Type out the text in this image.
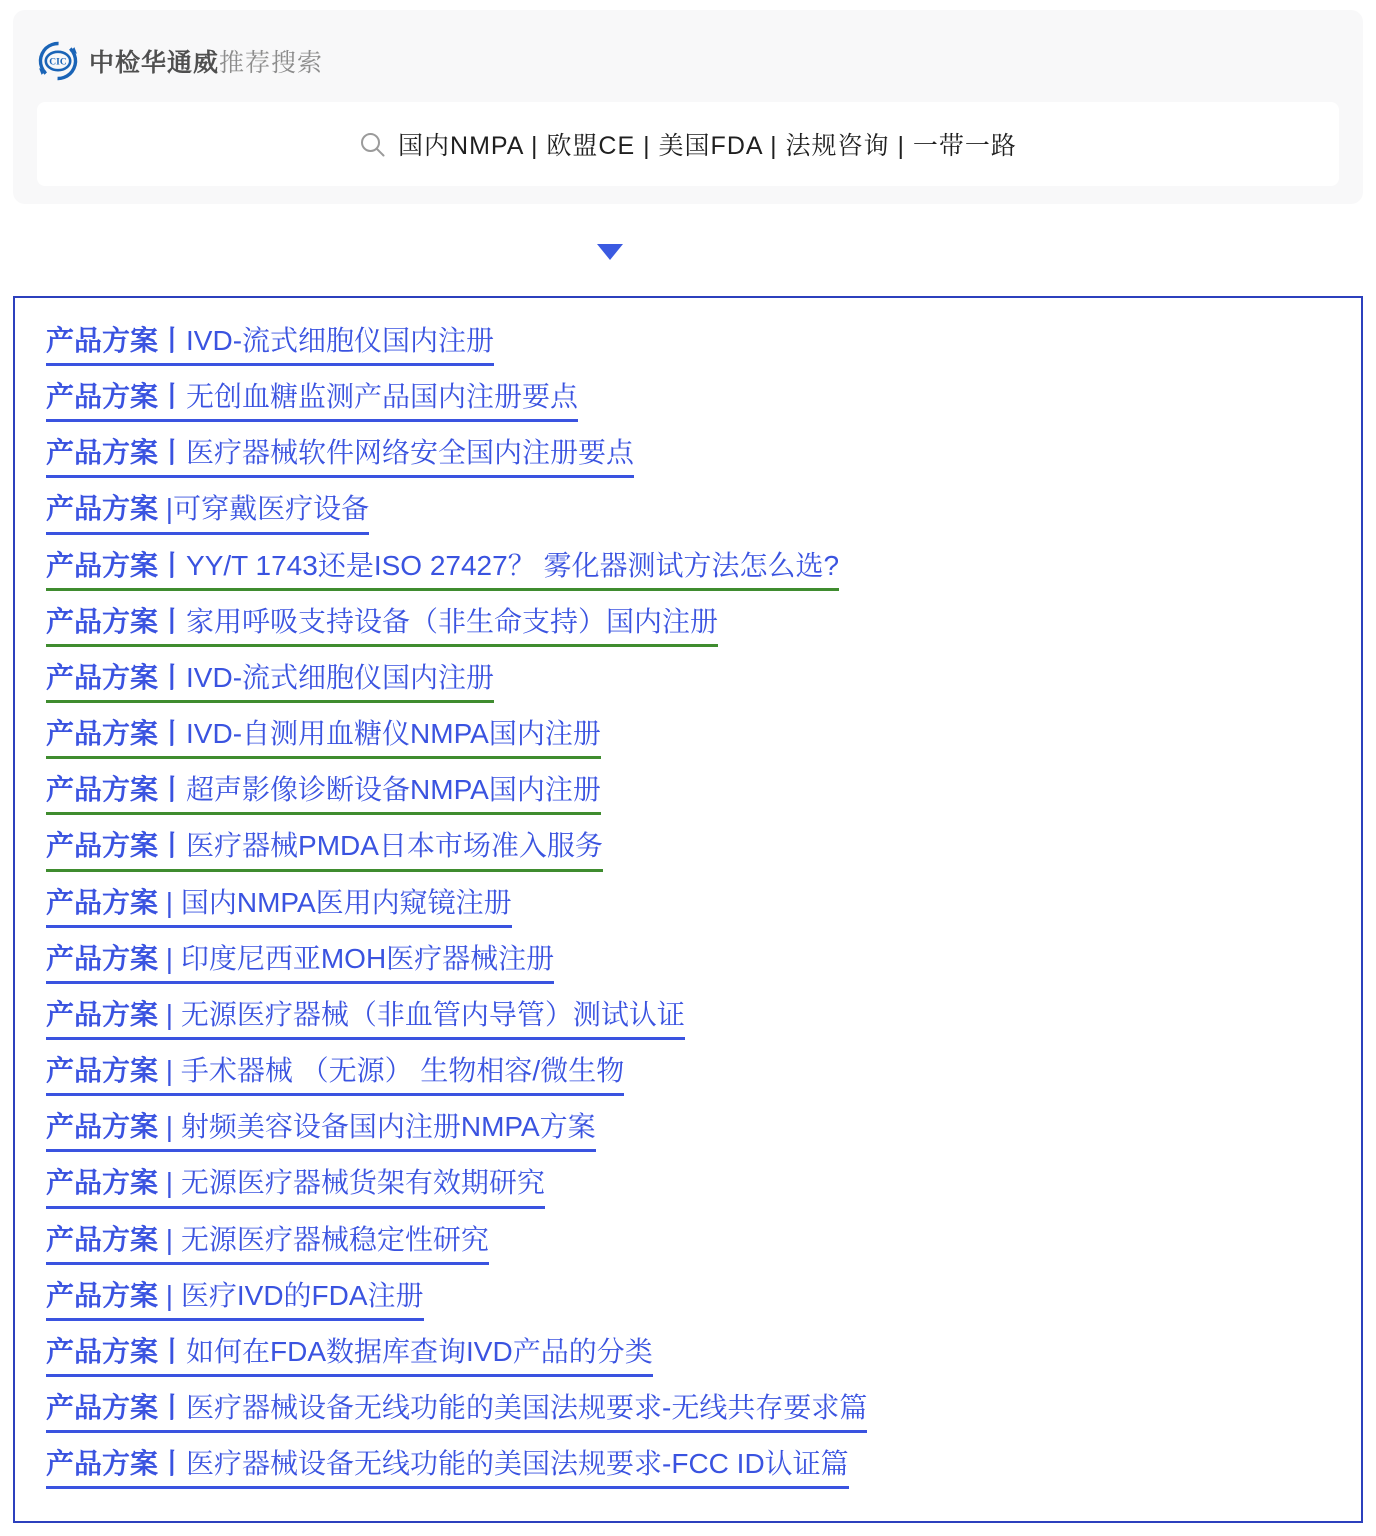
CIC 中检华通威推荐搜索
国内NMPA | 欧盟CE | 美国FDA | 法规咨询 | 一带一路
产品方案丨IVD-流式细胞仪国内注册
产品方案丨无创血糖监测产品国内注册要点
产品方案丨医疗器械软件网络安全国内注册要点
产品方案 |可穿戴医疗设备
产品方案丨YY/T 1743还是ISO 27427？ 雾化器测试方法怎么选?
产品方案丨家用呼吸支持设备（非生命支持）国内注册
产品方案丨IVD-流式细胞仪国内注册
产品方案丨IVD-自测用血糖仪NMPA国内注册
产品方案丨超声影像诊断设备NMPA国内注册
产品方案丨医疗器械PMDA日本市场准入服务
产品方案 | 国内NMPA医用内窥镜注册
产品方案 | 印度尼西亚MOH医疗器械注册
产品方案 | 无源医疗器械（非血管内导管）测试认证
产品方案 | 手术器械 （无源） 生物相容/微生物
产品方案 | 射频美容设备国内注册NMPA方案
产品方案 | 无源医疗器械货架有效期研究
产品方案 | 无源医疗器械稳定性研究
产品方案 | 医疗IVD的FDA注册
产品方案丨如何在FDA数据库查询IVD产品的分类
产品方案丨医疗器械设备无线功能的美国法规要求-无线共存要求篇
产品方案丨医疗器械设备无线功能的美国法规要求-FCC ID认证篇
